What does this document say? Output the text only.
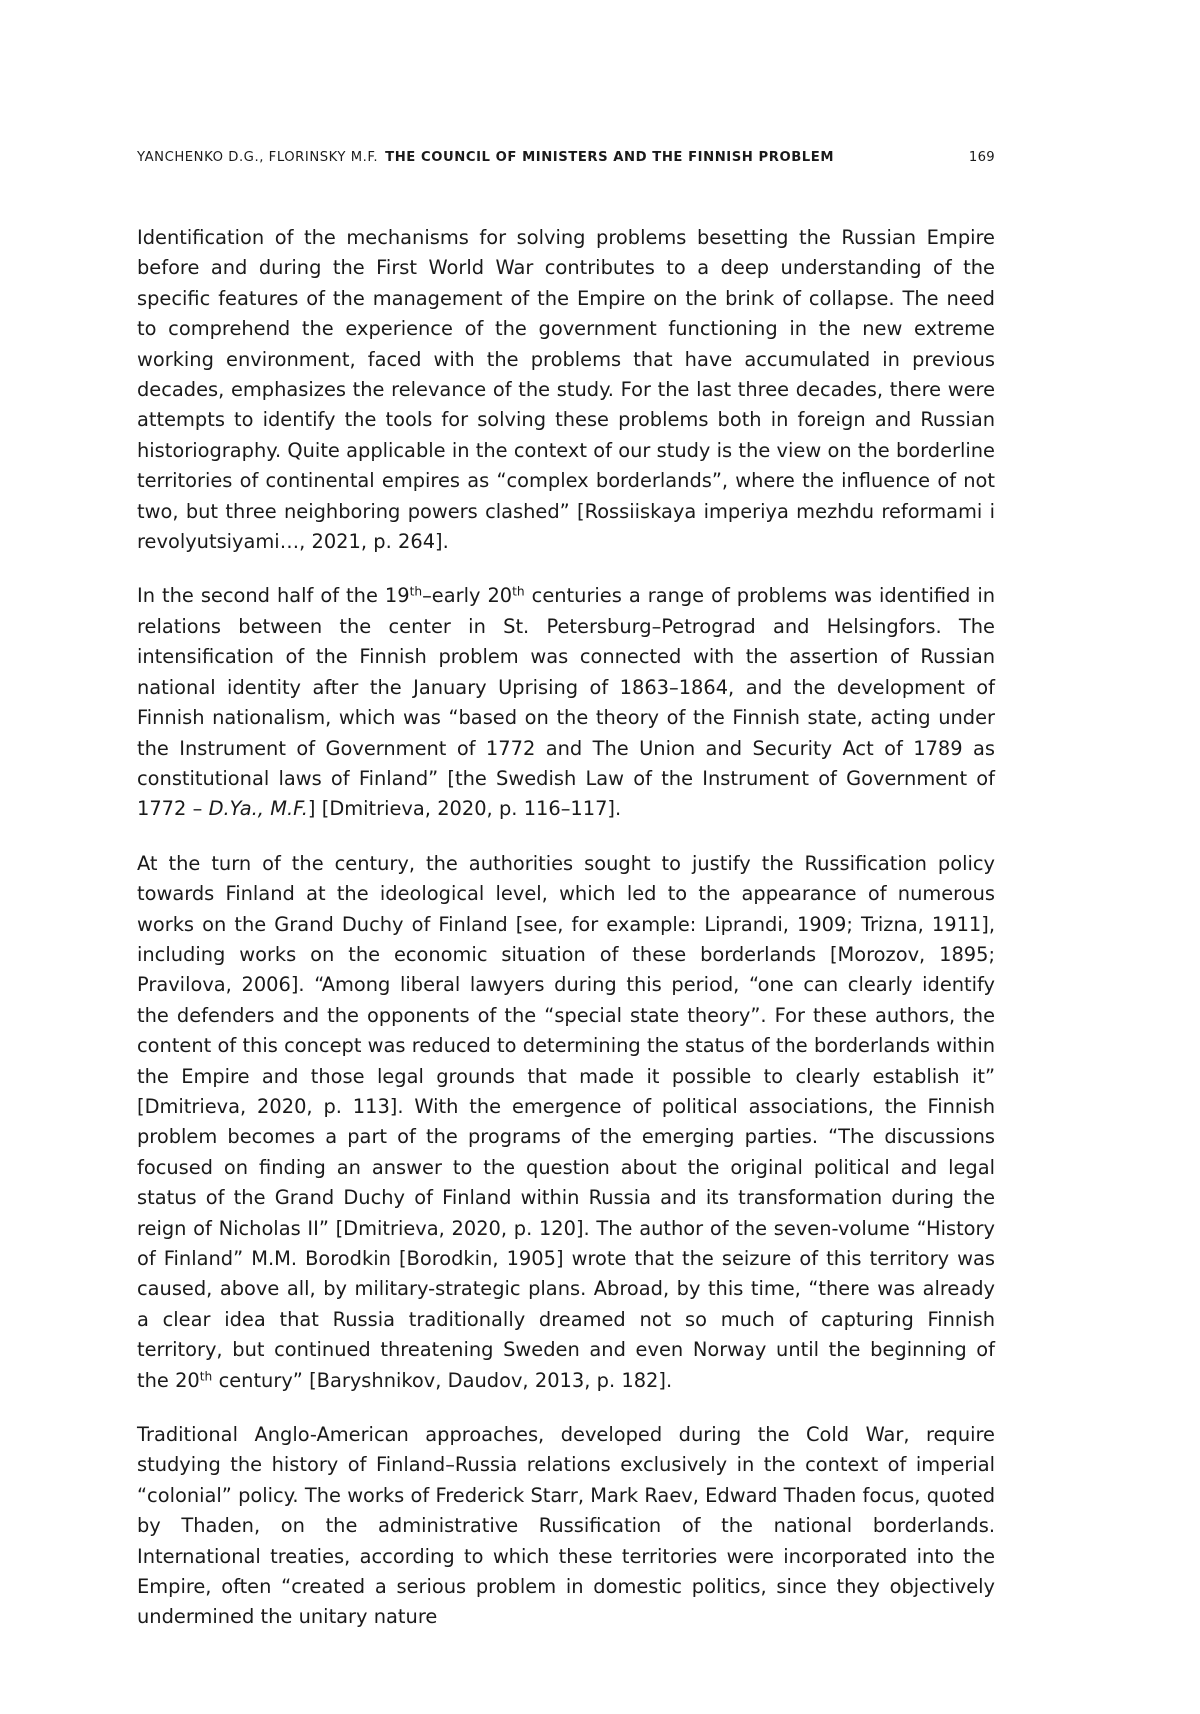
YANCHENKO D.G., FLORINSKY M.F. THE COUNCIL OF MINISTERS AND THE FINNISH PROBLEM	169

Identification of the mechanisms for solving problems besetting the Russian Empire before and during the First World War contributes to a deep understanding of the specific features of the management of the Empire on the brink of collapse. The need to comprehend the experience of the government functioning in the new extreme working environment, faced with the problems that have accumulated in previous decades, emphasizes the relevance of the study. For the last three decades, there were attempts to identify the tools for solving these problems both in foreign and Russian historiography. Quite applicable in the context of our study is the view on the borderline territories of continental empires as “complex borderlands”, where the influence of not two, but three neighboring powers clashed” [Rossiiskaya imperiya mezhdu reformami i revolyutsiyami…, 2021, p. 264].

In the second half of the 19th–early 20th centuries a range of problems was identified in relations between the center in St. Petersburg–Petrograd and Helsingfors. The intensification of the Finnish problem was connected with the assertion of Russian national identity after the January Uprising of 1863–1864, and the development of Finnish nationalism, which was “based on the theory of the Finnish state, acting under the Instrument of Government of 1772 and The Union and Security Act of 1789 as constitutional laws of Finland” [the Swedish Law of the Instrument of Government of 1772 – D.Ya., M.F.] [Dmitrieva, 2020, p. 116–117].

At the turn of the century, the authorities sought to justify the Russification policy towards Finland at the ideological level, which led to the appearance of numerous works on the Grand Duchy of Finland [see, for example: Liprandi, 1909; Trizna, 1911], including works on the economic situation of these borderlands [Morozov, 1895; Pravilova, 2006]. “Among liberal lawyers during this period, “one can clearly identify the defenders and the opponents of the “special state theory”. For these authors, the content of this concept was reduced to determining the status of the borderlands within the Empire and those legal grounds that made it possible to clearly establish it” [Dmitrieva, 2020, p. 113]. With the emergence of political associations, the Finnish problem becomes a part of the programs of the emerging parties. “The discussions focused on finding an answer to the question about the original political and legal status of the Grand Duchy of Finland within Russia and its transformation during the reign of Nicholas II” [Dmitrieva, 2020, p. 120]. The author of the seven-volume “History of Finland” M.M. Borodkin [Borodkin, 1905] wrote that the seizure of this territory was caused, above all, by military-strategic plans. Abroad, by this time, “there was already a clear idea that Russia traditionally dreamed not so much of capturing Finnish territory, but continued threatening Sweden and even Norway until the beginning of the 20th century” [Baryshnikov, Daudov, 2013, p. 182].

Traditional Anglo-American approaches, developed during the Cold War, require studying the history of Finland–Russia relations exclusively in the context of imperial “colonial” policy. The works of Frederick Starr, Mark Raev, Edward Thaden focus, quoted by Thaden, on the administrative Russification of the national borderlands. International treaties, according to which these territories were incorporated into the Empire, often “created a serious problem in domestic politics, since they objectively undermined the unitary nature
